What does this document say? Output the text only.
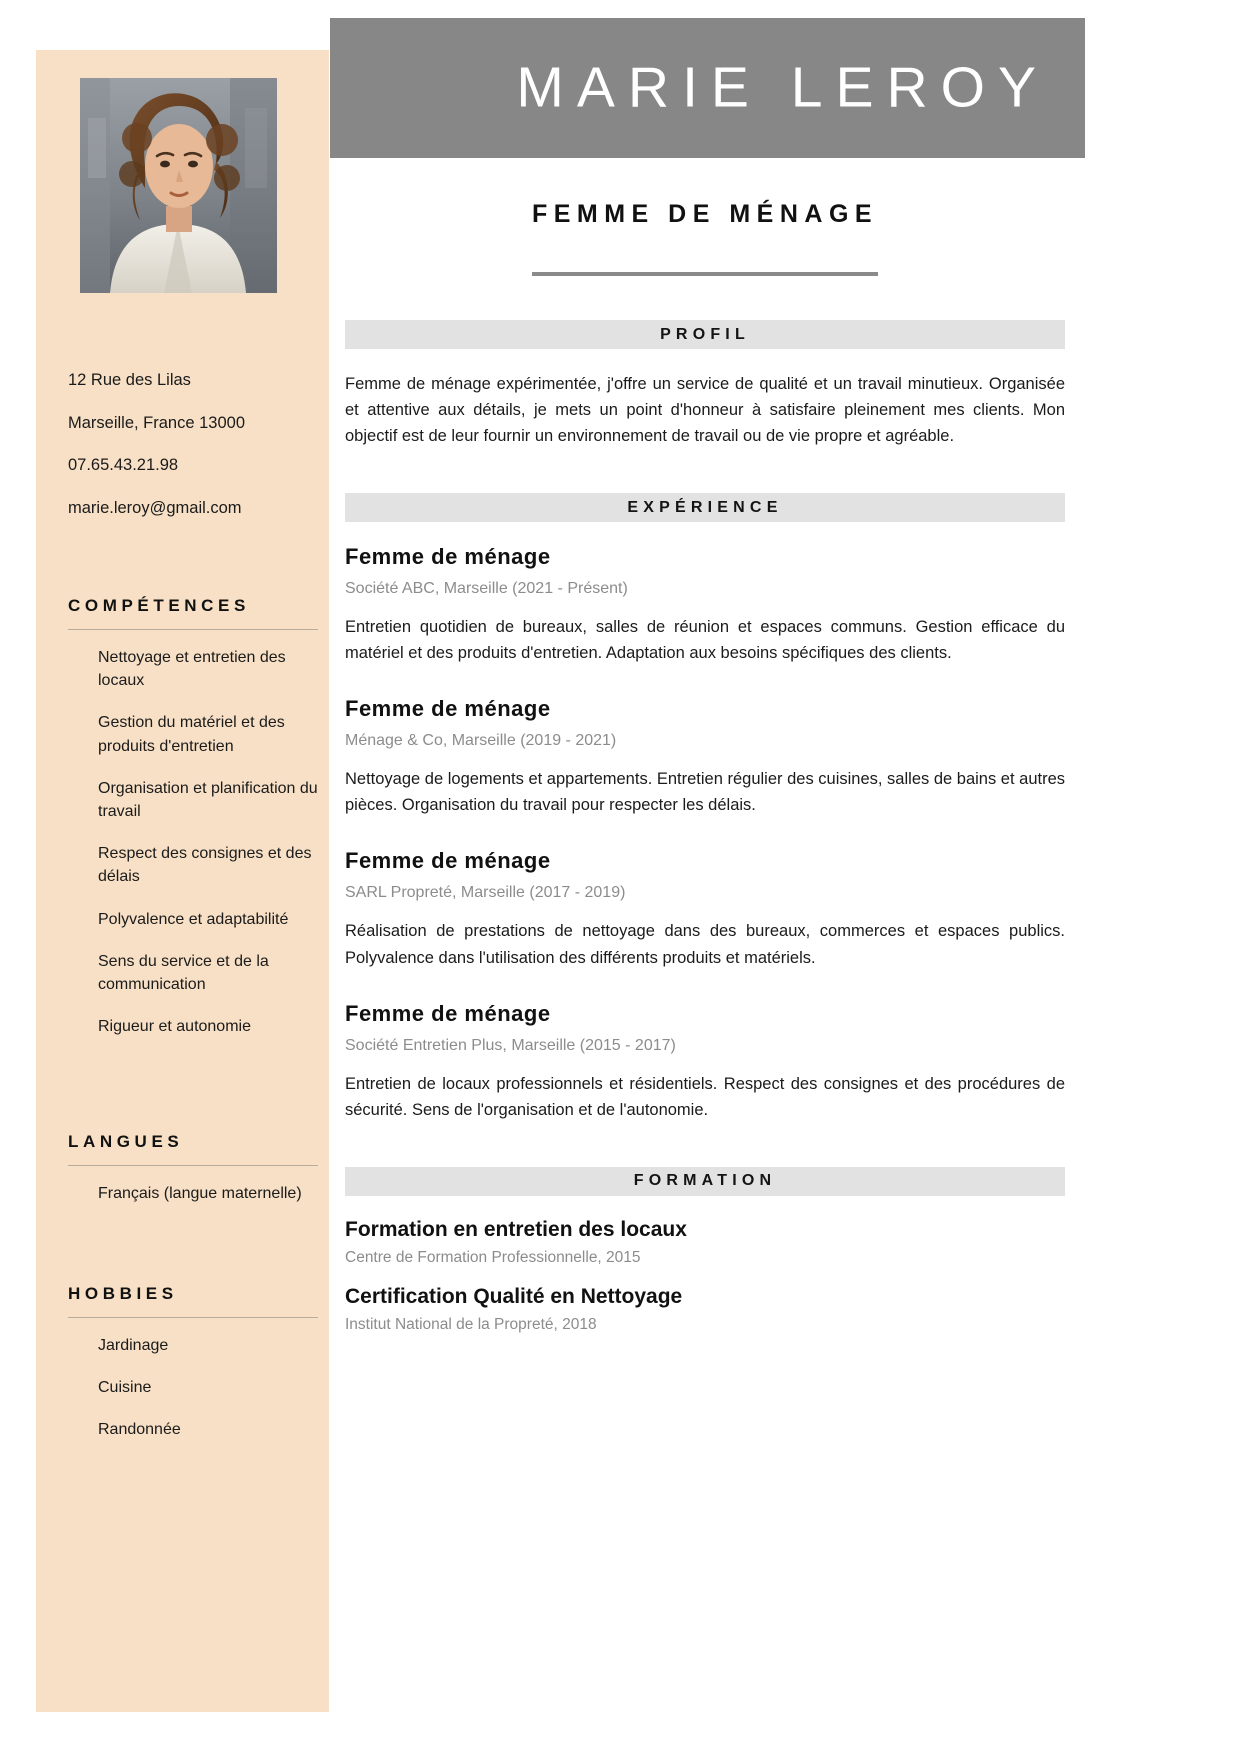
MARIE LEROY
12 Rue des Lilas
Marseille, France 13000
07.65.43.21.98
marie.leroy@gmail.com
COMPÉTENCES
Nettoyage et entretien des locaux
Gestion du matériel et des produits d'entretien
Organisation et planification du travail
Respect des consignes et des délais
Polyvalence et adaptabilité
Sens du service et de la communication
Rigueur et autonomie
LANGUES
Français (langue maternelle)
HOBBIES
Jardinage
Cuisine
Randonnée
FEMME DE MÉNAGE
PROFIL

Femme de ménage expérimentée, j'offre un service de qualité et un travail minutieux. Organisée et attentive aux détails, je mets un point d'honneur à satisfaire pleinement mes clients. Mon objectif est de leur fournir un environnement de travail ou de vie propre et agréable.

EXPÉRIENCE
Femme de ménage
Société ABC, Marseille (2021 - Présent)

Entretien quotidien de bureaux, salles de réunion et espaces communs. Gestion efficace du matériel et des produits d'entretien. Adaptation aux besoins spécifiques des clients.

Femme de ménage
Ménage & Co, Marseille (2019 - 2021)

Nettoyage de logements et appartements. Entretien régulier des cuisines, salles de bains et autres pièces. Organisation du travail pour respecter les délais.

Femme de ménage
SARL Propreté, Marseille (2017 - 2019)

Réalisation de prestations de nettoyage dans des bureaux, commerces et espaces publics. Polyvalence dans l'utilisation des différents produits et matériels.

Femme de ménage
Société Entretien Plus, Marseille (2015 - 2017)

Entretien de locaux professionnels et résidentiels. Respect des consignes et des procédures de sécurité. Sens de l'organisation et de l'autonomie.

FORMATION
Formation en entretien des locaux
Centre de Formation Professionnelle, 2015
Certification Qualité en Nettoyage
Institut National de la Propreté, 2018
